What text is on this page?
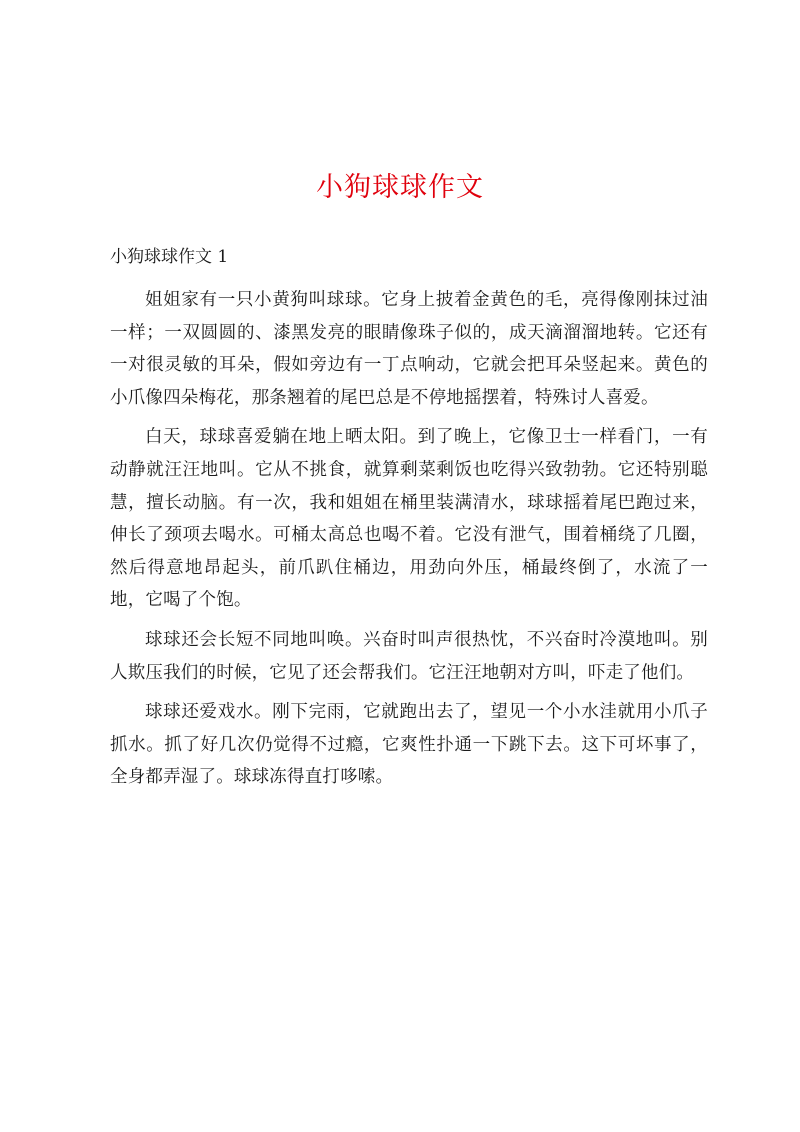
小狗球球作文

小狗球球作文 1

姐姐家有一只小黄狗叫球球。它身上披着金黄色的毛，亮得像刚抹过油一样；一双圆圆的、漆黑发亮的眼睛像珠子似的，成天滴溜溜地转。它还有一对很灵敏的耳朵，假如旁边有一丁点响动，它就会把耳朵竖起来。黄色的小爪像四朵梅花，那条翘着的尾巴总是不停地摇摆着，特殊讨人喜爱。

白天，球球喜爱躺在地上晒太阳。到了晚上，它像卫士一样看门，一有动静就汪汪地叫。它从不挑食，就算剩菜剩饭也吃得兴致勃勃。它还特别聪慧，擅长动脑。有一次，我和姐姐在桶里装满清水，球球摇着尾巴跑过来，伸长了颈项去喝水。可桶太高总也喝不着。它没有泄气，围着桶绕了几圈，然后得意地昂起头，前爪趴住桶边，用劲向外压，桶最终倒了，水流了一地，它喝了个饱。

球球还会长短不同地叫唤。兴奋时叫声很热忱，不兴奋时冷漠地叫。别人欺压我们的时候，它见了还会帮我们。它汪汪地朝对方叫，吓走了他们。

球球还爱戏水。刚下完雨，它就跑出去了，望见一个小水洼就用小爪子抓水。抓了好几次仍觉得不过瘾，它爽性扑通一下跳下去。这下可坏事了，全身都弄湿了。球球冻得直打哆嗦。
